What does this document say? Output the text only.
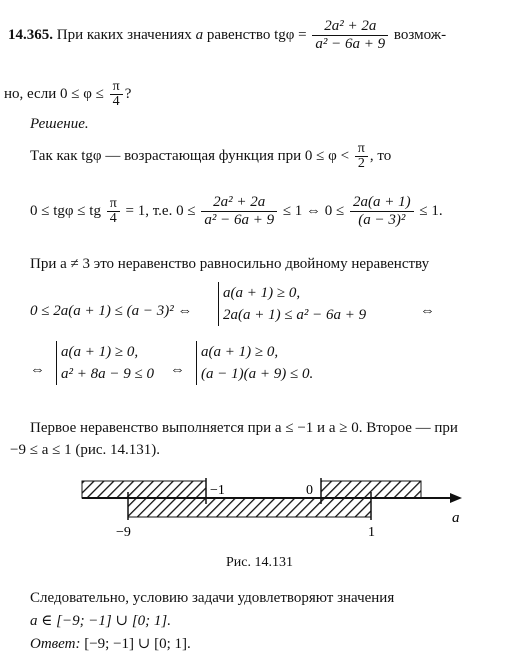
14.365. При каких значениях a равенство $tg\varphi = \frac{\text{2a² + 2a}}{\text{a² − 6a + 9}}$ возмож-
но, если $0 \le \varphi \le \frac{\pi}{4}$ ?
Решение.
Так как tgφ — возрастающая функция при $0 \le \varphi < \frac{\pi}{2}$ , то
0 ≤ tgφ ≤ tg $\frac{\pi}{4} = 1$, т.е. $0 \le \frac{\text{2a² + 2a}}{\text{a² − 6a + 9}} \le 1$ ⇔ $0 \le \frac{2a(a + 1)}{\text{(a − 3)²}} \le 1$.
При a ≠ 3 это неравенство равносильно двойному неравенству
0 ≤ 2a(a + 1) ≤ (a − 3)² ⇔
a(a + 1) ≥ 0,
2a(a + 1) ≤ a² − 6a + 9	⇔
⇔
a(a + 1) ≥ 0,
a² + 8a − 9 ≤ 0 ⇔
a(a + 1) ≥ 0,
(a − 1)(a + 9) ≤ 0.
Первое неравенство выполняется при a ≤ −1 и a ≥ 0. Второе — при
−9 ≤ a ≤ 1 (рис. 14.131).
−1	0
−9	1
a
Рис. 14.131
Следовательно, условию задачи удовлетворяют значения
a ∈ [−9; −1] ∪ [0; 1].
Ответ: [−9; −1] ∪ [0; 1].
